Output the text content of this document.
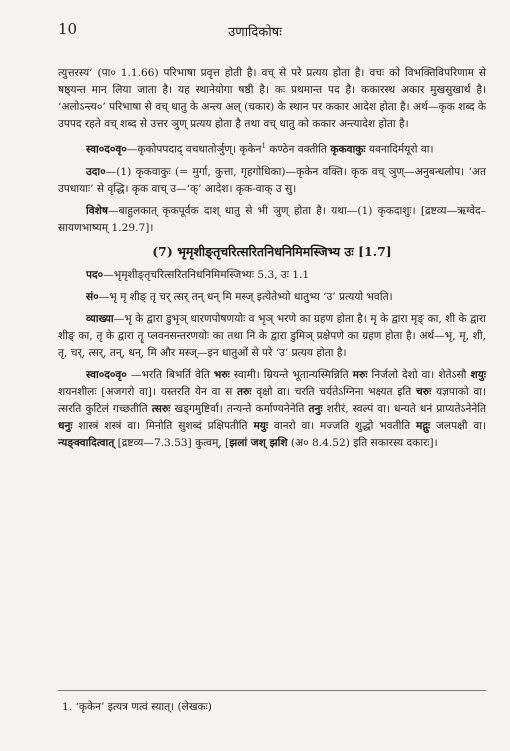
10	उणादिकोषः

त्युत्तरस्य’ (पा० 1.1.66) परिभाषा प्रवृत्त होती है। वच् से परे प्रत्यय होता है। वचः को विभक्तिविपरिणाम से षष्ठ्यन्त मान लिया जाता है। यह स्थानेयोगा षष्ठी है। कः प्रथमान्त पद है। ककारस्थ अकार मुखसुखार्थ है। ‘अलोऽन्त्य०’ परिभाषा से वच् धातु के अन्त्य अल् (चकार) के स्थान पर ककार आदेश होता है। अर्थ—कृक शब्द के उपपद रहते वच् शब्द से उत्तर ञुण् प्रत्यय होता है तथा वच् धातु को ककार अन्त्यादेश होता है।

स्वा०द०वृ०—कृकोपपदाद् वचधातोर्ञुण्। कृकेन$^1$ कण्ठेन वक्तीति कृकवाकुः यवनादिर्मयूरो वा।

उदा०—(1) कृकवाकुः (= मुर्गा, कुत्ता, गृहगोधिका)—कृकेन वक्ति। कृक वच् ञुण्—अनुबन्धलोप। ‘अत उपधायाः’ से वृद्धि। कृक वाच् उ—‘क्’ आदेश। कृक-वाक् उ सु।

विशेष—बाहुलकात् कृकपूर्वक दाश् धातु से भी ञुण् होता है। यथा—(1) कृकदाशुः। [द्रष्टव्य—ऋग्वेद–सायणभाष्यम् 1.29.7]।

(7) भृमृशीङ्तृचरित्सरितनिधनिमिमस्जिभ्य उः [1.7]

पद०—भृमृशीङ्तृचरित्सरितनिधनिमिमस्जिभ्यः 5.3, उः 1.1

सं०—भृ मृ शीङ् तृ चर् त्सर् तन् धन् मि मस्ज् इत्येतेभ्यो धातुभ्य ‘उ’ प्रत्ययो भवति।

व्याख्या—भृ के द्वारा डुभृञ् धारणपोषणयोः व भृञ् भरणे का ग्रहण होता है। मृ के द्वारा मृङ् का, शी के द्वारा शीङ् का, तृ के द्वारा तॄ प्लवनसन्तरणयोः का तथा नि के द्वारा डुमिञ् प्रक्षेपणे का ग्रहण होता है। अर्थ—भृ, मृ, शी, तृ, चर्, त्सर्, तन्, धन्, मि और मस्ज्—इन धातुओं से परे ‘उ’ प्रत्यय होता है।

स्वा०द०वृ० —भरति बिभर्ति वेति भरुः स्वामी। म्रियन्ते भूतान्यस्मिन्निति मरुः निर्जलो देशो वा। शेतेऽसौ शयुः शयनशीलः [अजगरो वा]। यस्तरति येन वा स तरुः वृक्षो वा। चरति चर्यतेऽग्निना भक्ष्यत इति चरुः यज्ञपाको वा। त्सरति कुटिलं गच्छतीति त्सरुः खड्गमुष्टिर्वा। तन्यन्ते कर्माण्यनेनेति तनुः शरीरं, स्वल्पं वा। धन्यते धनं प्राप्यतेऽनेनेति धनुः शास्त्रं शस्त्रं वा। मिनोति सुशब्दं प्रक्षिपतीति मयुः वानरो वा। मज्जति शुद्धो भवतीति मद्गुः जलपक्षी वा। न्यङ्क्वादित्वात् [द्रष्टव्य—7.3.53] कुत्वम्, [झलां जश् झशि (अ० 8.4.52) इति सकारस्य दकारः]।

1. ‘कृकेन’ इत्यत्र णत्वं स्यात्। (लेखकः)
